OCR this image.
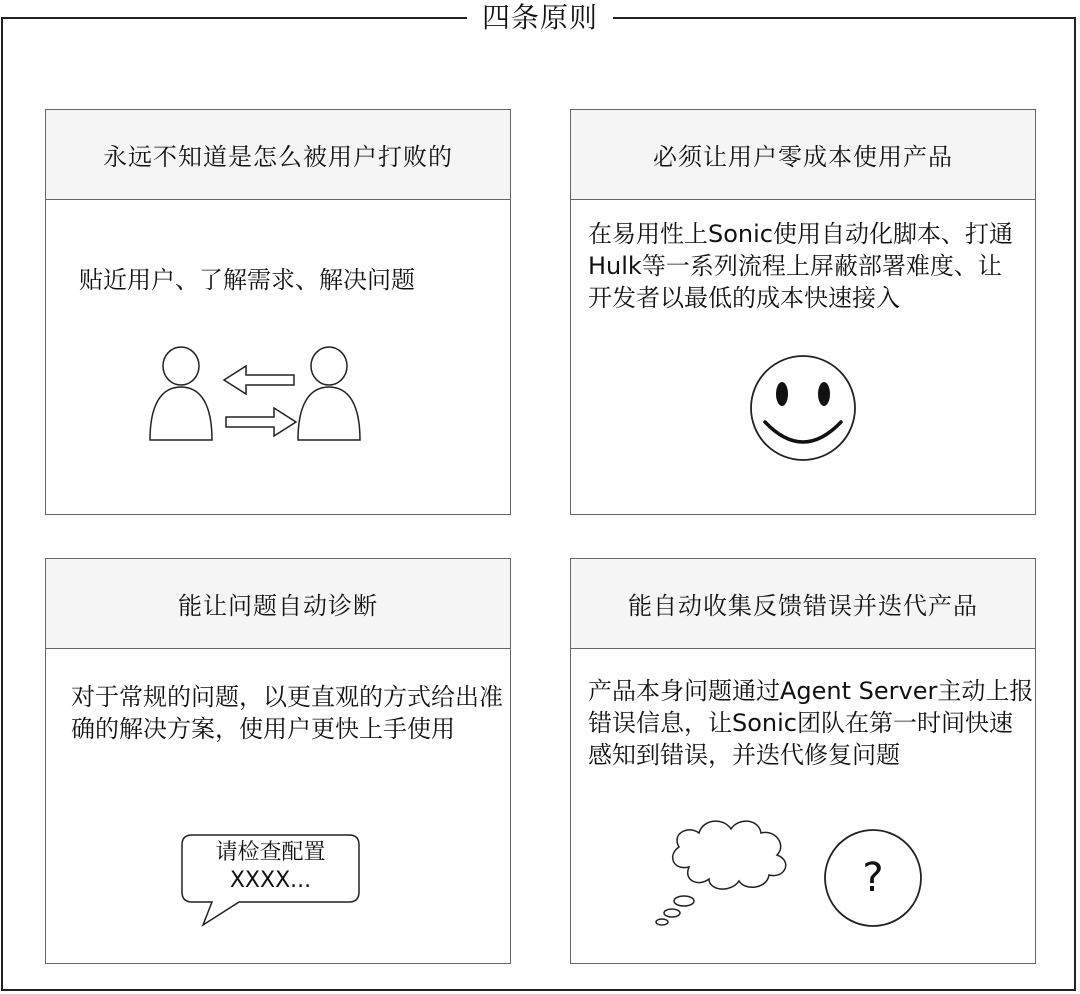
四条原则
永远不知道是怎么被用户打败的
贴近用户、了解需求、解决问题
必须让用户零成本使用产品
在易用性上Sonic使用自动化脚本、打通Hulk等一系列流程上屏蔽部署难度、让开发者以最低的成本快速接入
能让问题自动诊断
对于常规的问题，以更直观的方式给出准确的解决方案，使用户更快上手使用
请检查配置
XXXX...
能自动收集反馈错误并迭代产品
产品本身问题通过Agent Server主动上报错误信息，让Sonic团队在第一时间快速感知到错误，并迭代修复问题
?
